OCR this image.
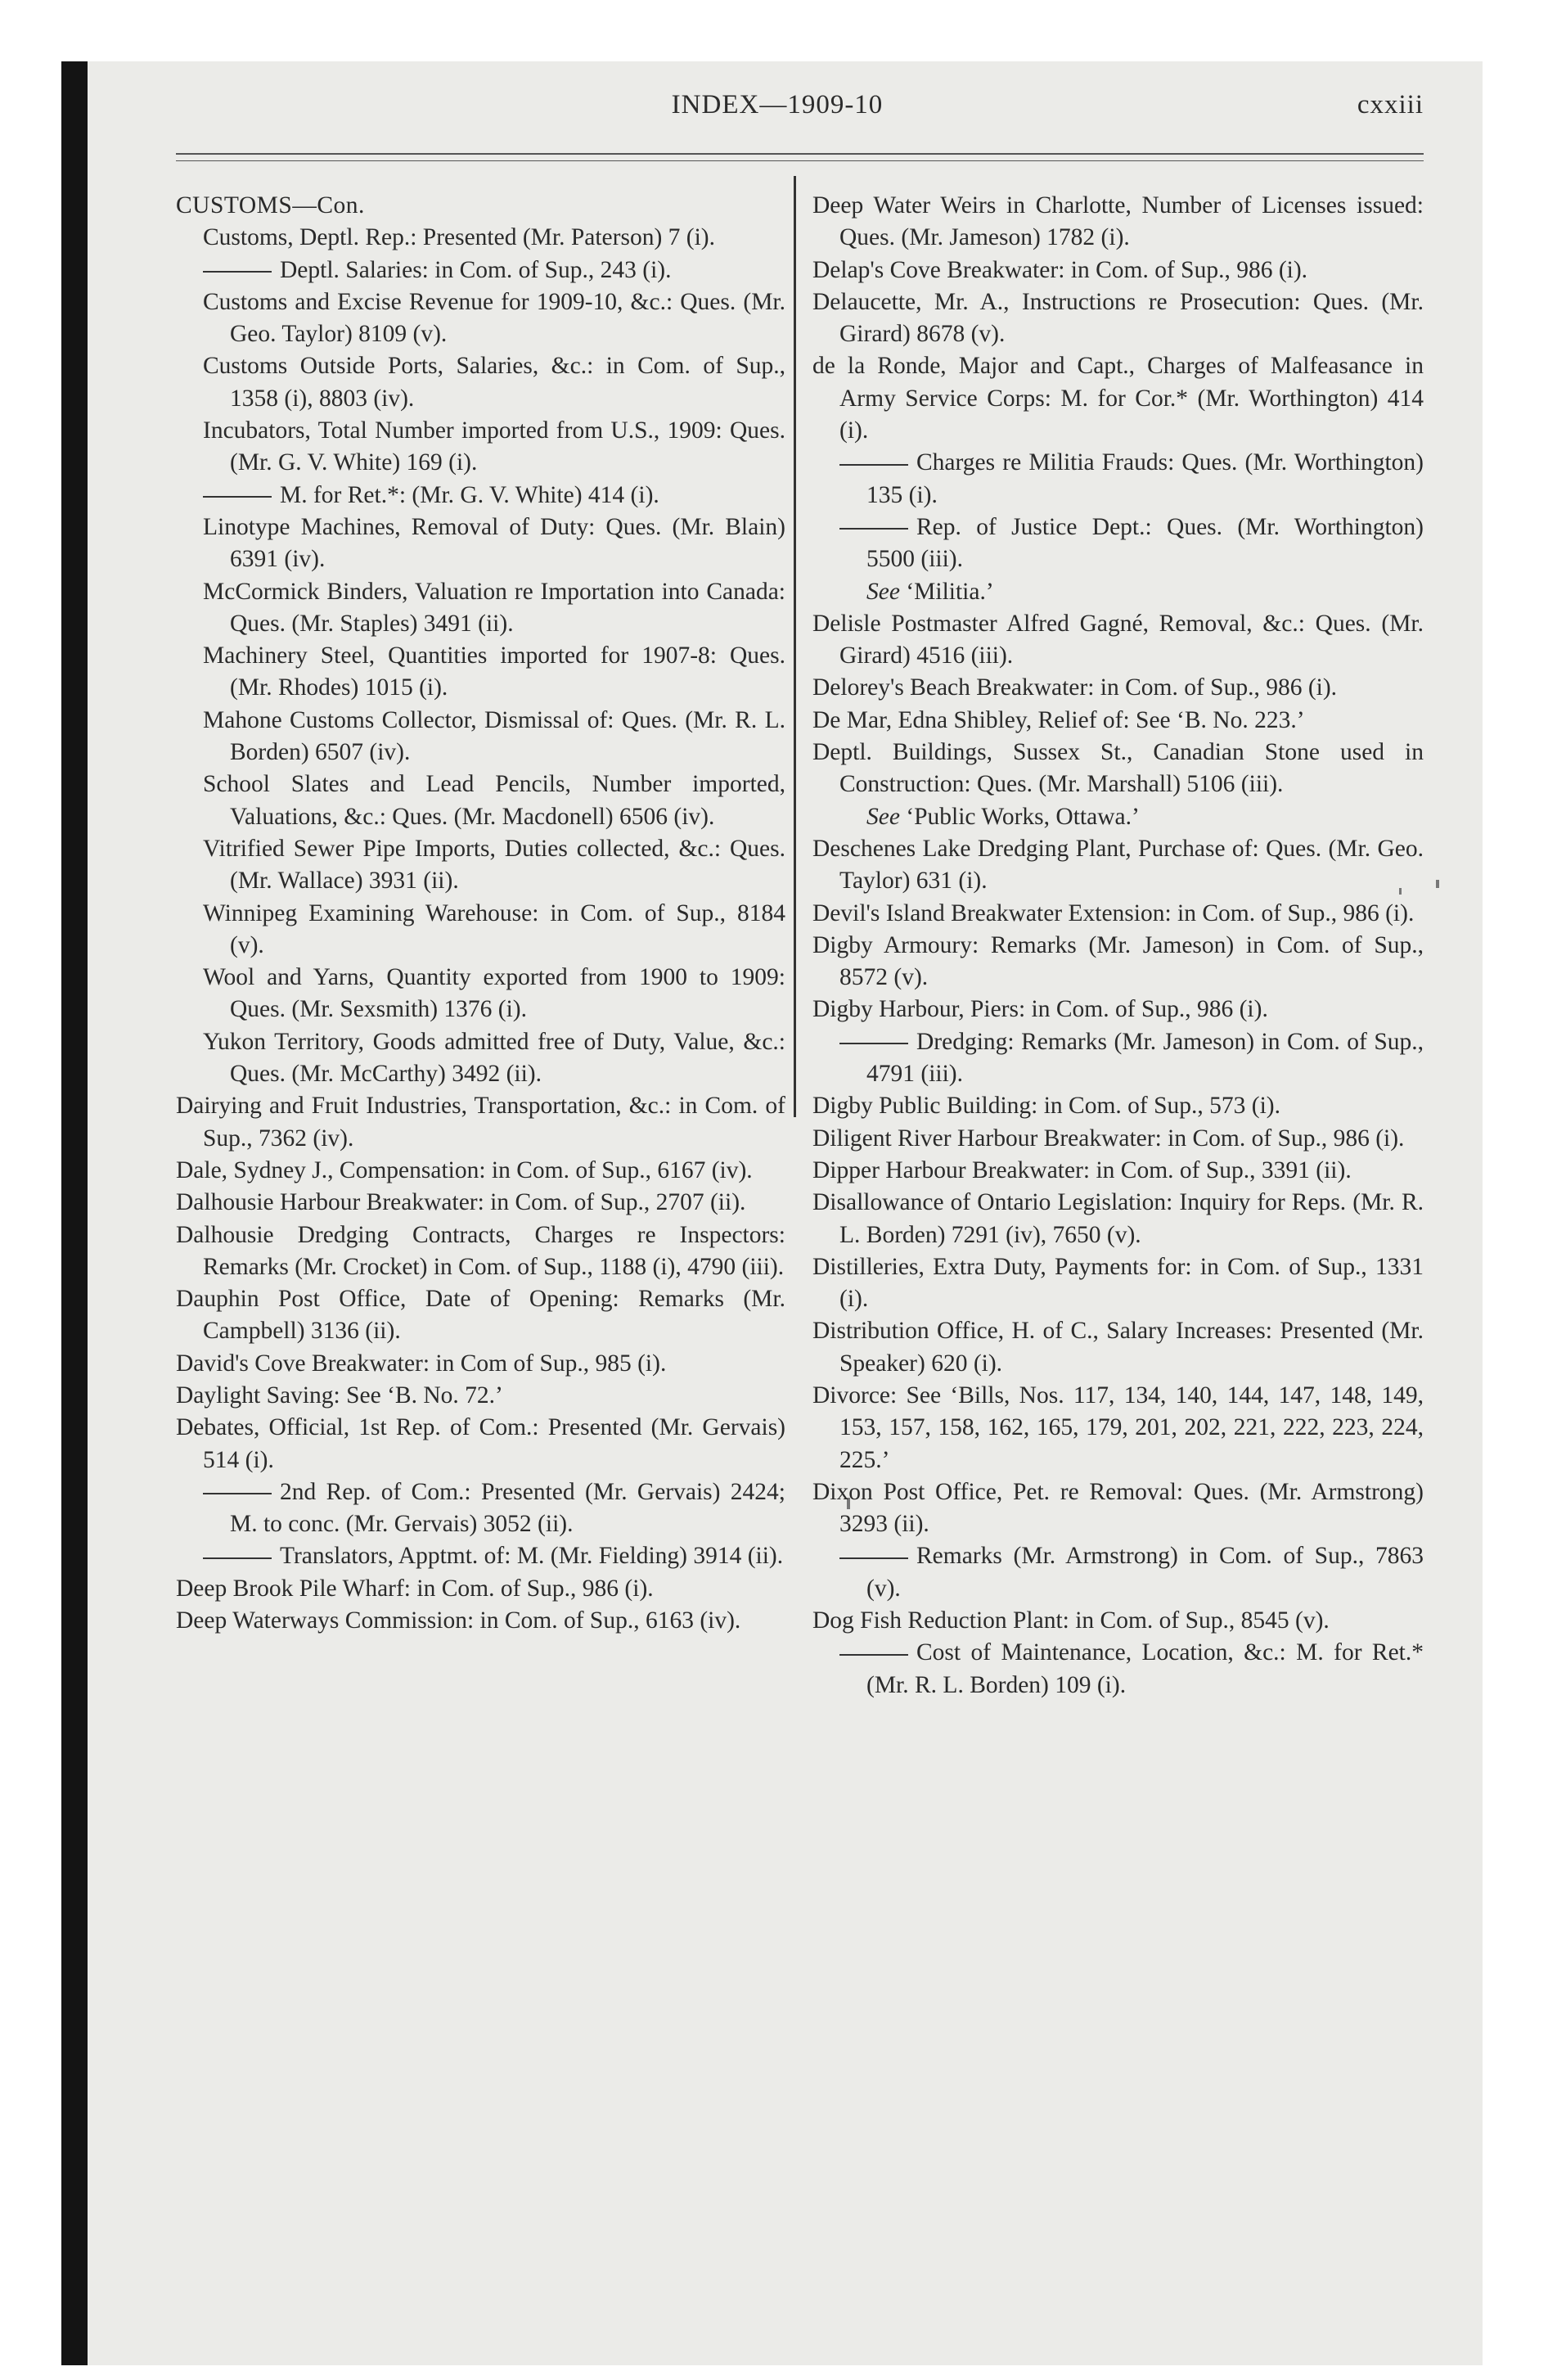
INDEX—1909-10	cxxiii

CUSTOMS—Con.

Customs, Deptl. Rep.: Presented (Mr. Paterson) 7 (i).

Deptl. Salaries: in Com. of Sup., 243 (i).

Customs and Excise Revenue for 1909-10, &c.: Ques. (Mr. Geo. Taylor) 8109 (v).

Customs Outside Ports, Salaries, &c.: in Com. of Sup., 1358 (i), 8803 (iv).

Incubators, Total Number imported from U.S., 1909: Ques. (Mr. G. V. White) 169 (i).

M. for Ret.*: (Mr. G. V. White) 414 (i).

Linotype Machines, Removal of Duty: Ques. (Mr. Blain) 6391 (iv).

McCormick Binders, Valuation re Importation into Canada: Ques. (Mr. Staples) 3491 (ii).

Machinery Steel, Quantities imported for 1907-8: Ques. (Mr. Rhodes) 1015 (i).

Mahone Customs Collector, Dismissal of: Ques. (Mr. R. L. Borden) 6507 (iv).

School Slates and Lead Pencils, Number imported, Valuations, &c.: Ques. (Mr. Macdonell) 6506 (iv).

Vitrified Sewer Pipe Imports, Duties collected, &c.: Ques. (Mr. Wallace) 3931 (ii).

Winnipeg Examining Warehouse: in Com. of Sup., 8184 (v).

Wool and Yarns, Quantity exported from 1900 to 1909: Ques. (Mr. Sexsmith) 1376 (i).

Yukon Territory, Goods admitted free of Duty, Value, &c.: Ques. (Mr. McCarthy) 3492 (ii).

Dairying and Fruit Industries, Transportation, &c.: in Com. of Sup., 7362 (iv).

Dale, Sydney J., Compensation: in Com. of Sup., 6167 (iv).

Dalhousie Harbour Breakwater: in Com. of Sup., 2707 (ii).

Dalhousie Dredging Contracts, Charges re Inspectors: Remarks (Mr. Crocket) in Com. of Sup., 1188 (i), 4790 (iii).

Dauphin Post Office, Date of Opening: Remarks (Mr. Campbell) 3136 (ii).

David's Cove Breakwater: in Com of Sup., 985 (i).

Daylight Saving: See ‘B. No. 72.’

Debates, Official, 1st Rep. of Com.: Presented (Mr. Gervais) 514 (i).

2nd Rep. of Com.: Presented (Mr. Gervais) 2424; M. to conc. (Mr. Gervais) 3052 (ii).

Translators, Apptmt. of: M. (Mr. Fielding) 3914 (ii).

Deep Brook Pile Wharf: in Com. of Sup., 986 (i).

Deep Waterways Commission: in Com. of Sup., 6163 (iv).

Deep Water Weirs in Charlotte, Number of Licenses issued: Ques. (Mr. Jameson) 1782 (i).

Delap's Cove Breakwater: in Com. of Sup., 986 (i).

Delaucette, Mr. A., Instructions re Prosecution: Ques. (Mr. Girard) 8678 (v).

de la Ronde, Major and Capt., Charges of Malfeasance in Army Service Corps: M. for Cor.* (Mr. Worthington) 414 (i).

Charges re Militia Frauds: Ques. (Mr. Worthington) 135 (i).

Rep. of Justice Dept.: Ques. (Mr. Worthington) 5500 (iii).

See ‘Militia.’

Delisle Postmaster Alfred Gagné, Removal, &c.: Ques. (Mr. Girard) 4516 (iii).

Delorey's Beach Breakwater: in Com. of Sup., 986 (i).

De Mar, Edna Shibley, Relief of: See ‘B. No. 223.’

Deptl. Buildings, Sussex St., Canadian Stone used in Construction: Ques. (Mr. Marshall) 5106 (iii).

See ‘Public Works, Ottawa.’

Deschenes Lake Dredging Plant, Purchase of: Ques. (Mr. Geo. Taylor) 631 (i).

Devil's Island Breakwater Extension: in Com. of Sup., 986 (i).

Digby Armoury: Remarks (Mr. Jameson) in Com. of Sup., 8572 (v).

Digby Harbour, Piers: in Com. of Sup., 986 (i).

Dredging: Remarks (Mr. Jameson) in Com. of Sup., 4791 (iii).

Digby Public Building: in Com. of Sup., 573 (i).

Diligent River Harbour Breakwater: in Com. of Sup., 986 (i).

Dipper Harbour Breakwater: in Com. of Sup., 3391 (ii).

Disallowance of Ontario Legislation: Inquiry for Reps. (Mr. R. L. Borden) 7291 (iv), 7650 (v).

Distilleries, Extra Duty, Payments for: in Com. of Sup., 1331 (i).

Distribution Office, H. of C., Salary Increases: Presented (Mr. Speaker) 620 (i).

Divorce: See ‘Bills, Nos. 117, 134, 140, 144, 147, 148, 149, 153, 157, 158, 162, 165, 179, 201, 202, 221, 222, 223, 224, 225.’

Dixon Post Office, Pet. re Removal: Ques. (Mr. Armstrong) 3293 (ii).

Remarks (Mr. Armstrong) in Com. of Sup., 7863 (v).

Dog Fish Reduction Plant: in Com. of Sup., 8545 (v).

Cost of Maintenance, Location, &c.: M. for Ret.* (Mr. R. L. Borden) 109 (i).
